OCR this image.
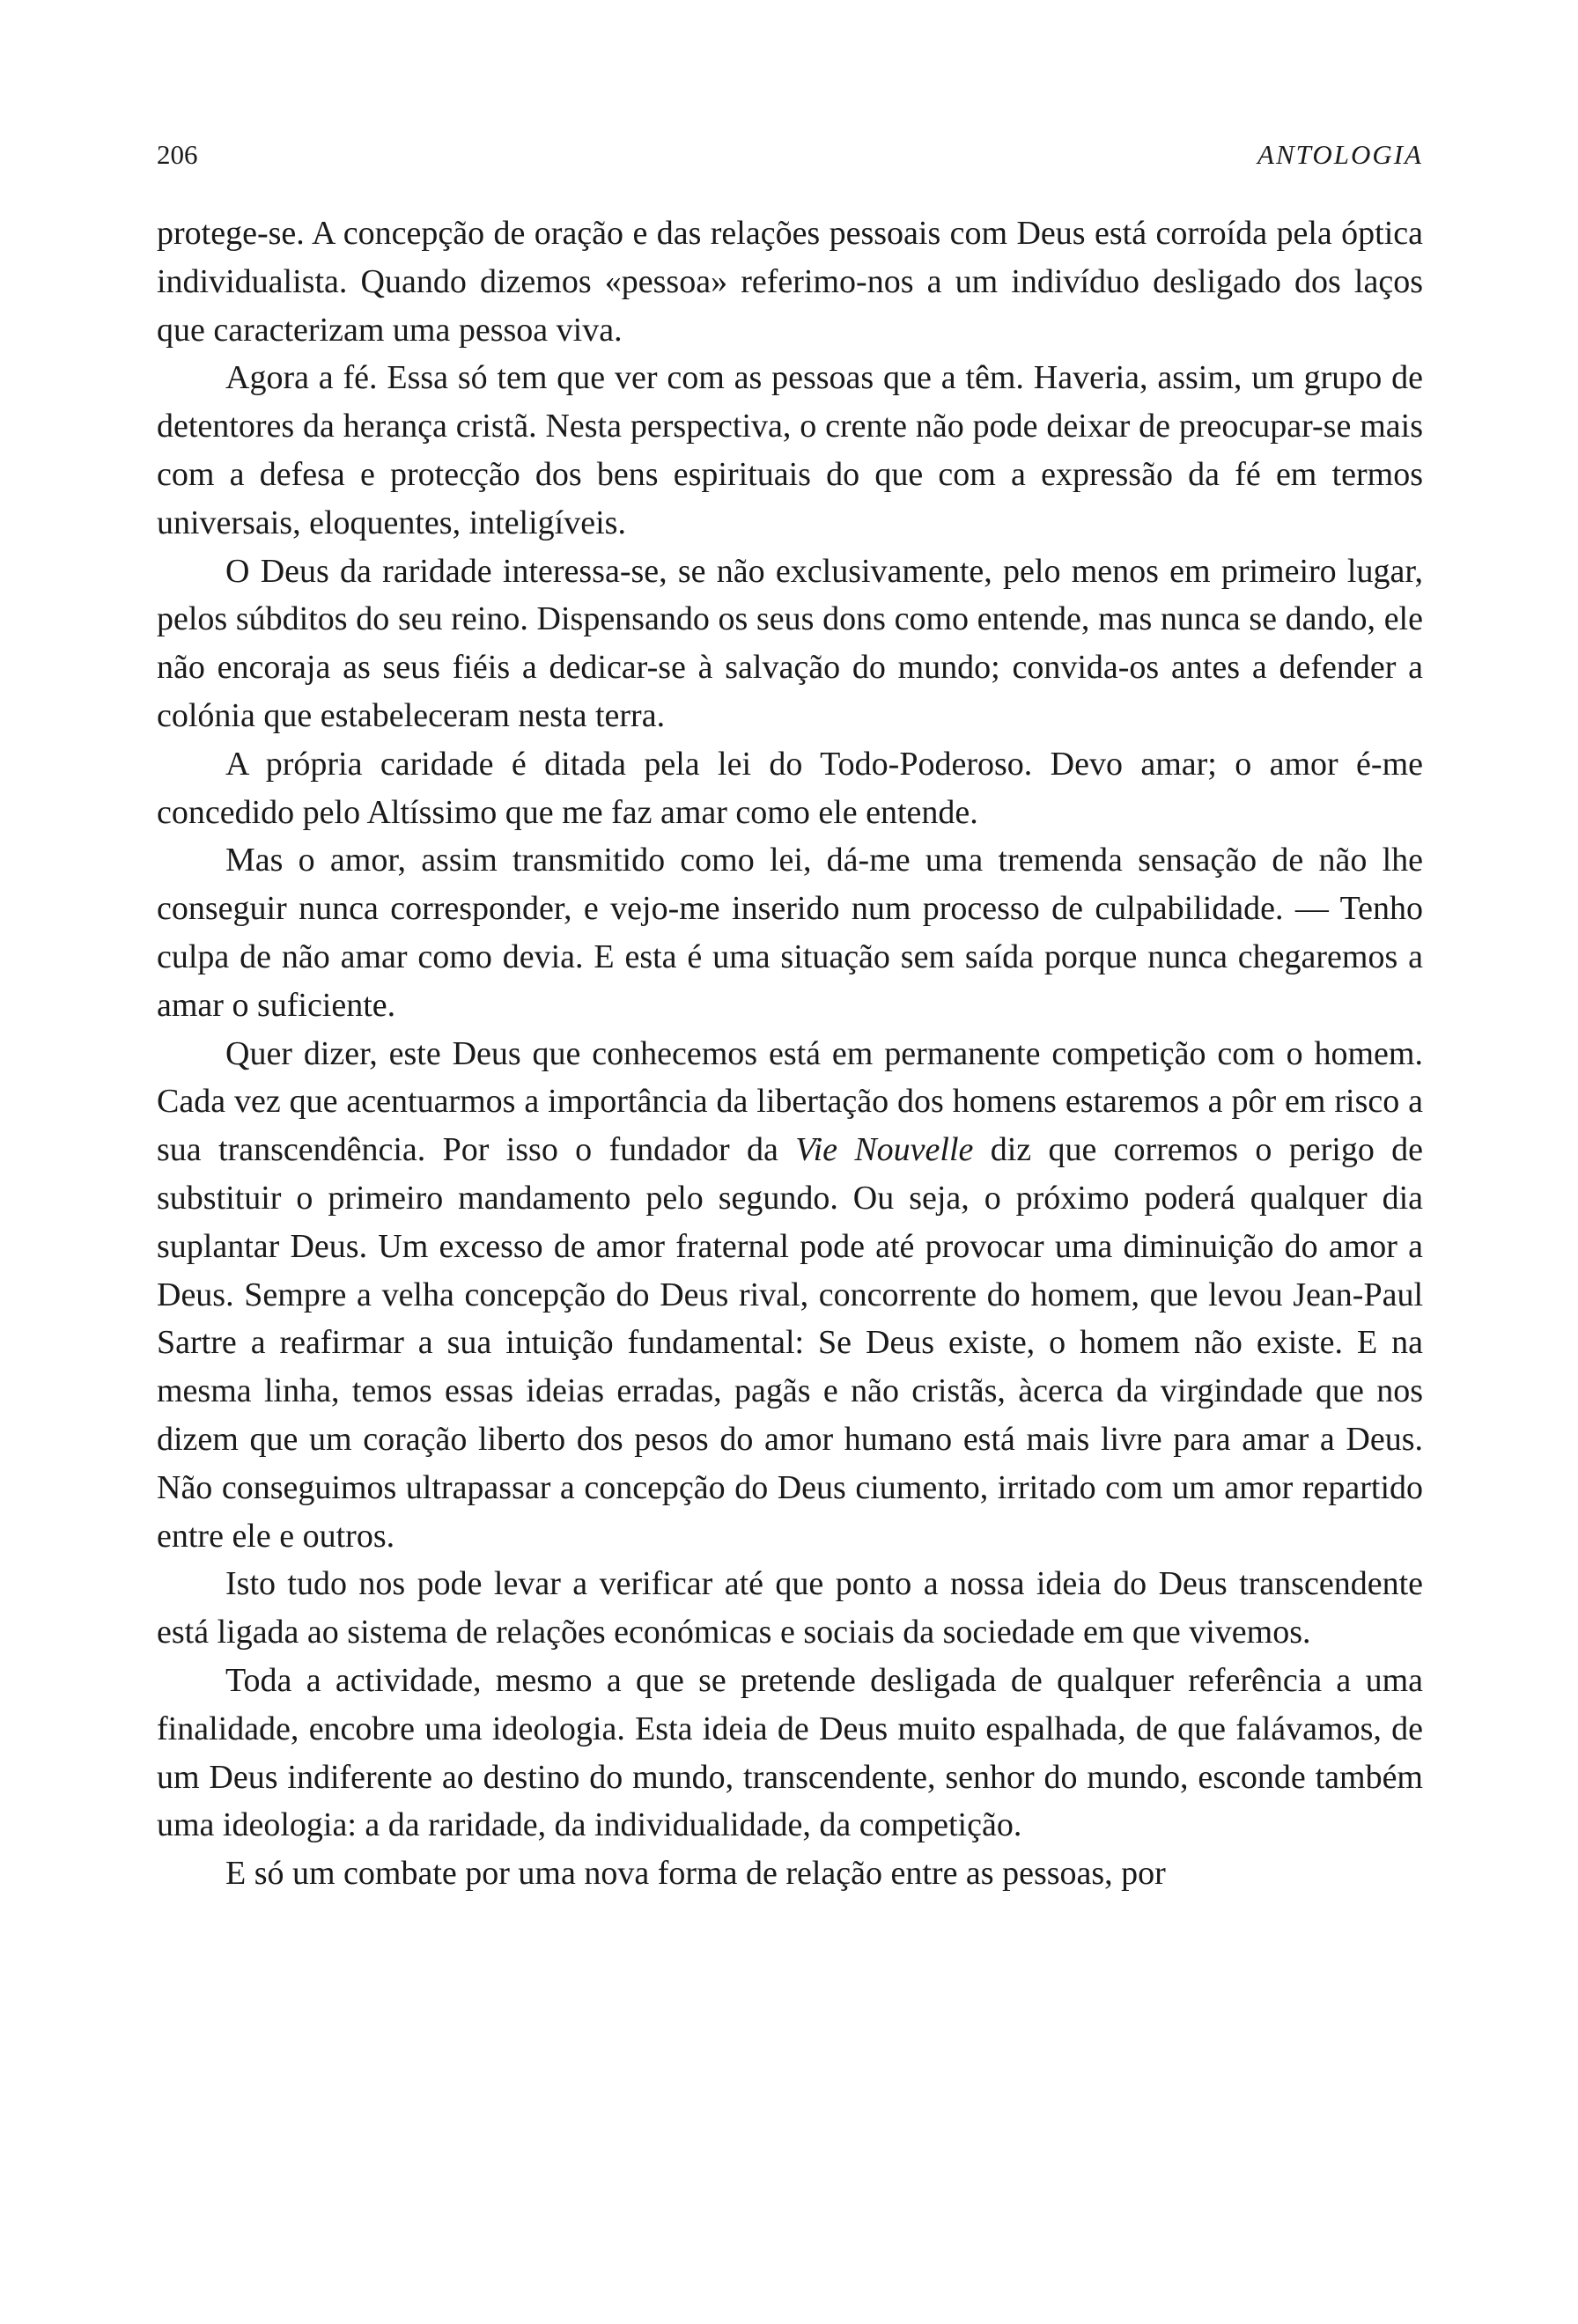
206	ANTOLOGIA

protege-se. A concepção de oração e das relações pessoais com Deus está corroída pela óptica individualista. Quando dizemos «pessoa» referimo-nos a um indivíduo desligado dos laços que caracterizam uma pessoa viva.

Agora a fé. Essa só tem que ver com as pessoas que a têm. Haveria, assim, um grupo de detentores da herança cristã. Nesta perspectiva, o crente não pode deixar de preocupar-se mais com a defesa e protecção dos bens espirituais do que com a expressão da fé em termos universais, eloquentes, inteligíveis.

O Deus da raridade interessa-se, se não exclusivamente, pelo menos em primeiro lugar, pelos súbditos do seu reino. Dispensando os seus dons como entende, mas nunca se dando, ele não encoraja as seus fiéis a dedicar-se à salvação do mundo; convida-os antes a defender a colónia que estabeleceram nesta terra.

A própria caridade é ditada pela lei do Todo-Poderoso. Devo amar; o amor é-me concedido pelo Altíssimo que me faz amar como ele entende.

Mas o amor, assim transmitido como lei, dá-me uma tremenda sensação de não lhe conseguir nunca corresponder, e vejo-me inserido num processo de culpabilidade. — Tenho culpa de não amar como devia. E esta é uma situação sem saída porque nunca chegaremos a amar o suficiente.

Quer dizer, este Deus que conhecemos está em permanente competição com o homem. Cada vez que acentuarmos a importância da libertação dos homens estaremos a pôr em risco a sua transcendência. Por isso o fundador da Vie Nouvelle diz que corremos o perigo de substituir o primeiro mandamento pelo segundo. Ou seja, o próximo poderá qualquer dia suplantar Deus. Um excesso de amor fraternal pode até provocar uma diminuição do amor a Deus. Sempre a velha concepção do Deus rival, concorrente do homem, que levou Jean-Paul Sartre a reafirmar a sua intuição fundamental: Se Deus existe, o homem não existe. E na mesma linha, temos essas ideias erradas, pagãs e não cristãs, àcerca da virgindade que nos dizem que um coração liberto dos pesos do amor humano está mais livre para amar a Deus. Não conseguimos ultrapassar a concepção do Deus ciumento, irritado com um amor repartido entre ele e outros.

Isto tudo nos pode levar a verificar até que ponto a nossa ideia do Deus transcendente está ligada ao sistema de relações económicas e sociais da sociedade em que vivemos.

Toda a actividade, mesmo a que se pretende desligada de qualquer referência a uma finalidade, encobre uma ideologia. Esta ideia de Deus muito espalhada, de que falávamos, de um Deus indiferente ao destino do mundo, transcendente, senhor do mundo, esconde também uma ideologia: a da raridade, da individualidade, da competição.

E só um combate por uma nova forma de relação entre as pessoas, por
